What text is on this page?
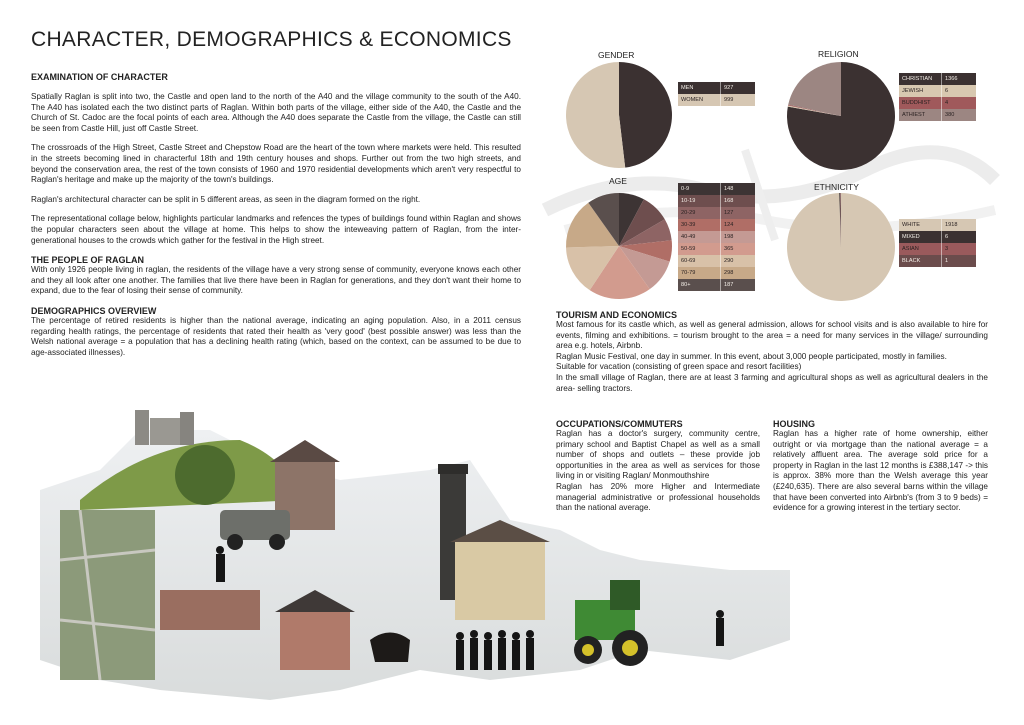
CHARACTER, DEMOGRAPHICS & ECONOMICS

EXAMINATION OF CHARACTER

Spatially Raglan is split into two, the Castle and open land to the north of the A40 and the village community to the south of the A40. The A40 has isolated each the two distinct parts of Raglan. Within both parts of the village, either side of the A40, the Castle and the Church of St. Cadoc are the focal points of each area. Although the A40 does separate the Castle from the village, the Castle can still be seen from Castle Hill, just off Castle Street.

The crossroads of the High Street, Castle Street and Chepstow Road are the heart of the town where markets were held. This resulted in the streets becoming lined in characterful 18th and 19th century houses and shops. Further out from the two high streets, and beyond the conservation area, the rest of the town consists of 1960 and 1970 residential developments which aren't very respectful to Raglan's heritage and make up the majority of the town's buildings.

Raglan's architectural character can be split in 5 different areas, as seen in the diagram formed on the right.

The representational collage below, highlights particular landmarks and refences the types of buildings found within Raglan and shows the popular characters seen about the village at home. This helps to show the inteweaving pattern of Raglan, from the inter-generational houses to the crowds which gather for the festival in the High street.

THE PEOPLE OF RAGLAN

With only 1926 people living in raglan, the residents of the village have a very strong sense of community, everyone knows each other and they all look after one another. The families that live there have been in Raglan for generations, and they don't want their home to expand, due to the fear of losing their sense of community.

DEMOGRAPHICS OVERVIEW

The percentage of retired residents is higher than the national average, indicating an aging population. Also, in a 2011 census regarding health ratings, the percentage of residents that rated their health as 'very good' (best possible answer) was less than the Welsh national average = a population that has a declining health rating (which, based on the context, can be assumed to be due to age-associated illnesses).

GENDER	RELIGION
AGE
ETHNICITY
MEN	927
WOMEN	999
CHRISTIAN	1366
JEWISH	6
BUDDHIST	4
ATHIEST	380
0-9	148
10-19	168
20-29	127
30-39	124
40-49	198
50-59	365
60-69	290
70-79	298
80+	187
WHITE	1918
MIXED	6
ASIAN	3
BLACK	1

TOURISM AND ECONOMICS

Most famous for its castle which, as well as general admission, allows for school visits and is also available to hire for events, filming and exhibitions. = tourism brought to the area = a need for many services in the village/ surrounding area e.g. hotels, Airbnb.

Raglan Music Festival, one day in summer. In this event, about 3,000 people participated, mostly in families.

Suitable for vacation (consisting of green space and resort facilities)

In the small village of Raglan, there are at least 3 farming and agricultural shops as well as agricultural dealers in the area- selling tractors.

OCCUPATIONS/COMMUTERS

Raglan has a doctor's surgery, community centre, primary school and Baptist Chapel as well as a small number of shops and outlets – these provide job opportunities in the area as well as services for those living in or visiting Raglan/ Monmouthshire

Raglan has 20% more Higher and Intermediate managerial administrative or professional households than the national average.

HOUSING

Raglan has a higher rate of home ownership, either outright or via mortgage than the national average = a relatively affluent area. The average sold price for a property in Raglan in the last 12 months is £388,147 -> this is approx. 38% more than the Welsh average this year (£240,635). There are also several barns within the village that have been converted into Airbnb's (from 3 to 9 beds) = evidence for a growing interest in the tertiary sector.
